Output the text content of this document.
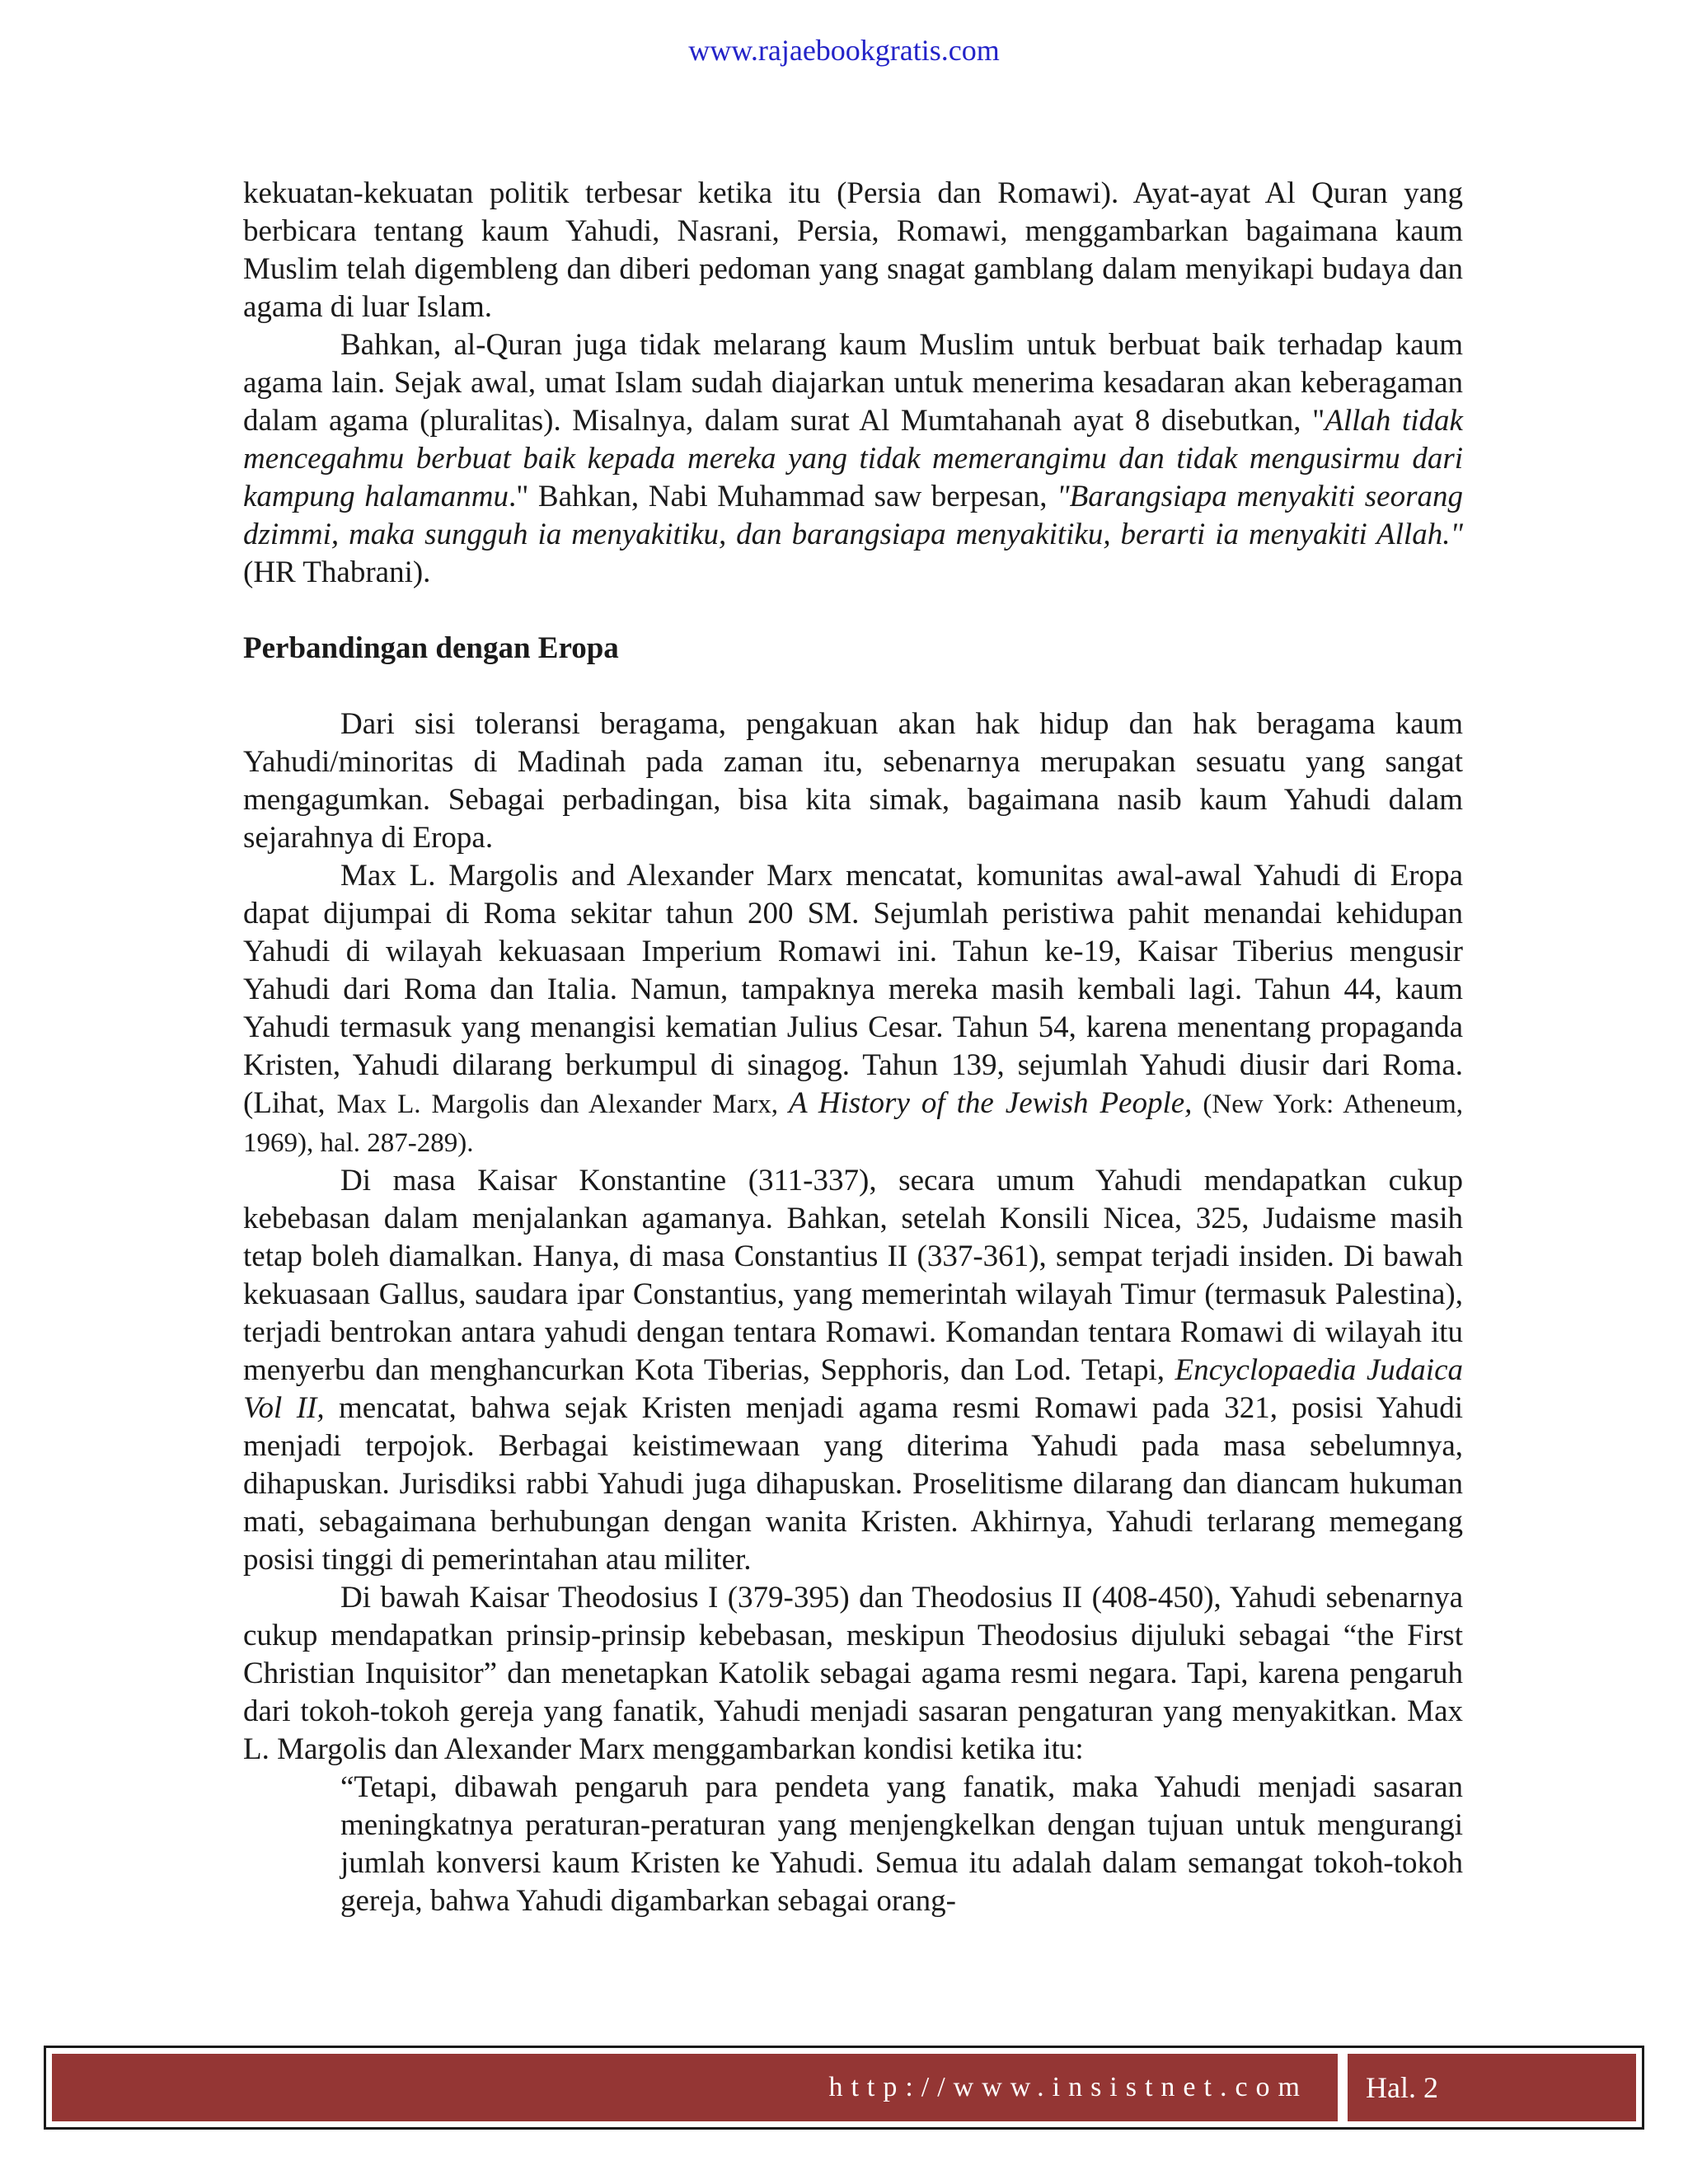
www.rajaebookgratis.com

kekuatan-kekuatan politik terbesar ketika itu (Persia dan Romawi). Ayat-ayat Al Quran yang berbicara tentang kaum Yahudi, Nasrani, Persia, Romawi, menggambarkan bagaimana kaum Muslim telah digembleng dan diberi pedoman yang snagat gamblang dalam menyikapi budaya dan agama di luar Islam.

Bahkan, al-Quran juga tidak melarang kaum Muslim untuk berbuat baik terhadap kaum agama lain. Sejak awal, umat Islam sudah diajarkan untuk menerima kesadaran akan keberagaman dalam agama (pluralitas). Misalnya, dalam surat Al Mumtahanah ayat 8 disebutkan, "Allah tidak mencegahmu berbuat baik kepada mereka yang tidak memerangimu dan tidak mengusirmu dari kampung halamanmu." Bahkan, Nabi Muhammad saw berpesan, "Barangsiapa menyakiti seorang dzimmi, maka sungguh ia menyakitiku, dan barangsiapa menyakitiku, berarti ia menyakiti Allah." (HR Thabrani).

Perbandingan dengan Eropa

Dari sisi toleransi beragama, pengakuan akan hak hidup dan hak beragama kaum Yahudi/minoritas di Madinah pada zaman itu, sebenarnya merupakan sesuatu yang sangat mengagumkan. Sebagai perbadingan, bisa kita simak, bagaimana nasib kaum Yahudi dalam sejarahnya di Eropa.

Max L. Margolis and Alexander Marx mencatat, komunitas awal-awal Yahudi di Eropa dapat dijumpai di Roma sekitar tahun 200 SM. Sejumlah peristiwa pahit menandai kehidupan Yahudi di wilayah kekuasaan Imperium Romawi ini. Tahun ke-19, Kaisar Tiberius mengusir Yahudi dari Roma dan Italia. Namun, tampaknya mereka masih kembali lagi. Tahun 44, kaum Yahudi termasuk yang menangisi kematian Julius Cesar. Tahun 54, karena menentang propaganda Kristen, Yahudi dilarang berkumpul di sinagog. Tahun 139, sejumlah Yahudi diusir dari Roma. (Lihat, Max L. Margolis dan Alexander Marx, A History of the Jewish People, (New York: Atheneum, 1969), hal. 287-289).

Di masa Kaisar Konstantine (311-337), secara umum Yahudi mendapatkan cukup kebebasan dalam menjalankan agamanya. Bahkan, setelah Konsili Nicea, 325, Judaisme masih tetap boleh diamalkan. Hanya, di masa Constantius II (337-361), sempat terjadi insiden. Di bawah kekuasaan Gallus, saudara ipar Constantius, yang memerintah wilayah Timur (termasuk Palestina), terjadi bentrokan antara yahudi dengan tentara Romawi. Komandan tentara Romawi di wilayah itu menyerbu dan menghancurkan Kota Tiberias, Sepphoris, dan Lod. Tetapi, Encyclopaedia Judaica Vol II, mencatat, bahwa sejak Kristen menjadi agama resmi Romawi pada 321, posisi Yahudi menjadi terpojok. Berbagai keistimewaan yang diterima Yahudi pada masa sebelumnya, dihapuskan. Jurisdiksi rabbi Yahudi juga dihapuskan. Proselitisme dilarang dan diancam hukuman mati, sebagaimana berhubungan dengan wanita Kristen. Akhirnya, Yahudi terlarang memegang posisi tinggi di pemerintahan atau militer.

Di bawah Kaisar Theodosius I (379-395) dan Theodosius II (408-450), Yahudi sebenarnya cukup mendapatkan prinsip-prinsip kebebasan, meskipun Theodosius dijuluki sebagai “the First Christian Inquisitor” dan menetapkan Katolik sebagai agama resmi negara. Tapi, karena pengaruh dari tokoh-tokoh gereja yang fanatik, Yahudi menjadi sasaran pengaturan yang menyakitkan. Max L. Margolis dan Alexander Marx menggambarkan kondisi ketika itu:

“Tetapi, dibawah pengaruh para pendeta yang fanatik, maka Yahudi menjadi sasaran meningkatnya peraturan-peraturan yang menjengkelkan dengan tujuan untuk mengurangi jumlah konversi kaum Kristen ke Yahudi. Semua itu adalah dalam semangat tokoh-tokoh gereja, bahwa Yahudi digambarkan sebagai orang-

http://www.insistnet.com Hal. 2
